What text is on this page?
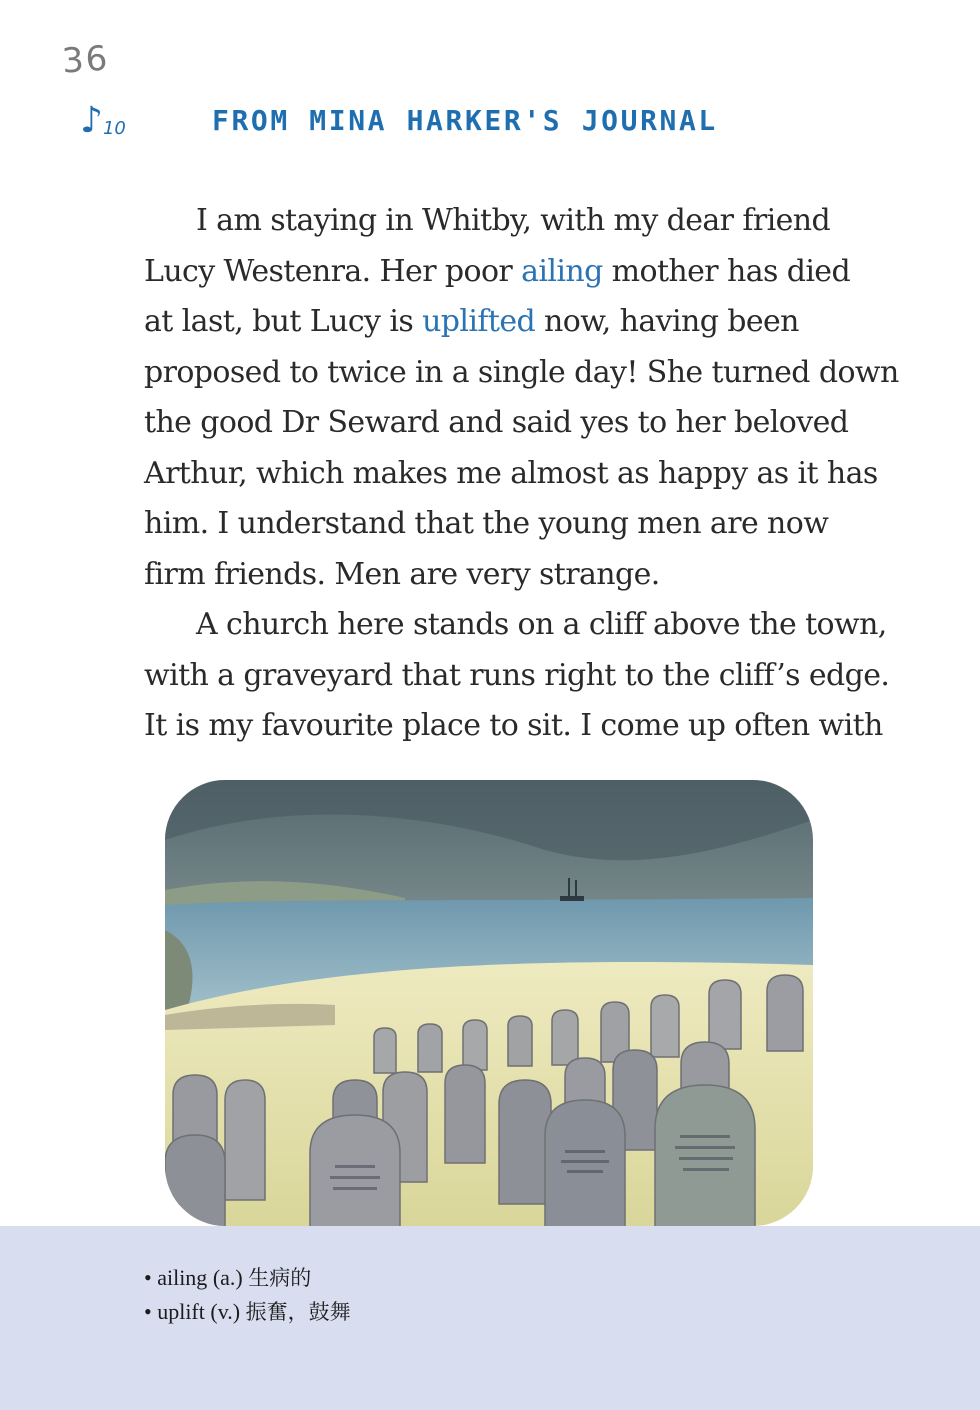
36
♪10	FROM MINA HARKER'S JOURNAL
I am staying in Whitby, with my dear friend
Lucy Westenra. Her poor ailing mother has died
at last, but Lucy is uplifted now, having been
proposed to twice in a single day! She turned down
the good Dr Seward and said yes to her beloved
Arthur, which makes me almost as happy as it has
him. I understand that the young men are now
firm friends. Men are very strange.
A church here stands on a cliff above the town,
with a graveyard that runs right to the cliff’s edge.
It is my favourite place to sit. I come up often with
• ailing (a.) 生病的
• uplift (v.) 振奮，鼓舞
